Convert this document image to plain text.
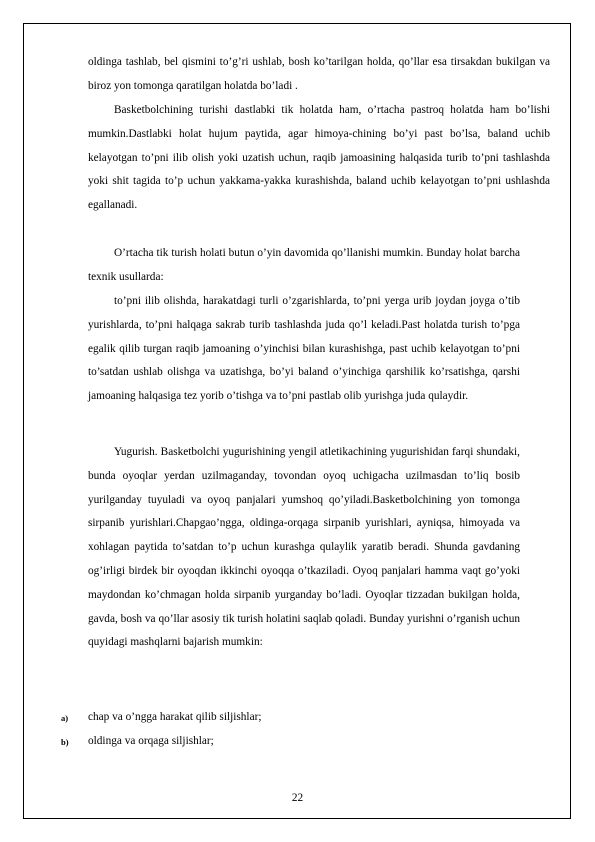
oldinga tashlab, bel qismini to’g’ri ushlab, bosh ko’tarilgan holda, qo’llar esa tirsakdan bukilgan va biroz yon tomonga qaratilgan holatda bo’ladi .

Basketbolchining turishi dastlabki tik holatda ham, o’rtacha pastroq holatda ham bo’lishi mumkin.Dastlabki holat hujum paytida, agar himoya-chining bo’yi past bo’lsa, baland uchib kelayotgan to’pni ilib olish yoki uzatish uchun, raqib jamoasining halqasida turib to’pni tashlashda yoki shit tagida to’p uchun yakkama-yakka kurashishda, baland uchib kelayotgan to’pni ushlashda egallanadi.

O’rtacha tik turish holati butun o’yin davomida qo’llanishi mumkin. Bunday holat barcha texnik usullarda:

to’pni ilib olishda, harakatdagi turli o’zgarishlarda, to’pni yerga urib joydan joyga o’tib yurishlarda, to’pni halqaga sakrab turib tashlashda juda qo’l keladi.Past holatda turish to’pga egalik qilib turgan raqib jamoaning o’yinchisi bilan kurashishga, past uchib kelayotgan to’pni to’satdan ushlab olishga va uzatishga, bo’yi baland o’yinchiga qarshilik ko’rsatishga, qarshi jamoaning halqasiga tez yorib o’tishga va to’pni pastlab olib yurishga juda qulaydir.

Yugurish. Basketbolchi yugurishining yengil atletikachining yugurishidan farqi shundaki, bunda oyoqlar yerdan uzilmaganday, tovondan oyoq uchigacha uzilmasdan to’liq bosib yurilganday tuyuladi va oyoq panjalari yumshoq qo’yiladi.Basketbolchining yon tomonga sirpanib yurishlari.Chapgao’ngga, oldinga-orqaga sirpanib yurishlari, ayniqsa, himoyada va xohlagan paytida to’satdan to’p uchun kurashga qulaylik yaratib beradi. Shunda gavdaning og’irligi birdek bir oyoqdan ikkinchi oyoqqa o’tkaziladi. Oyoq panjalari hamma vaqt go’yoki maydondan ko’chmagan holda sirpanib yurganday bo’ladi. Oyoqlar tizzadan bukilgan holda, gavda, bosh va qo’llar asosiy tik turish holatini saqlab qoladi. Bunday yurishni o’rganish uchun quyidagi mashqlarni bajarish mumkin:

a) chap va o’ngga harakat qilib siljishlar;
b) oldinga va orqaga siljishlar;
22
